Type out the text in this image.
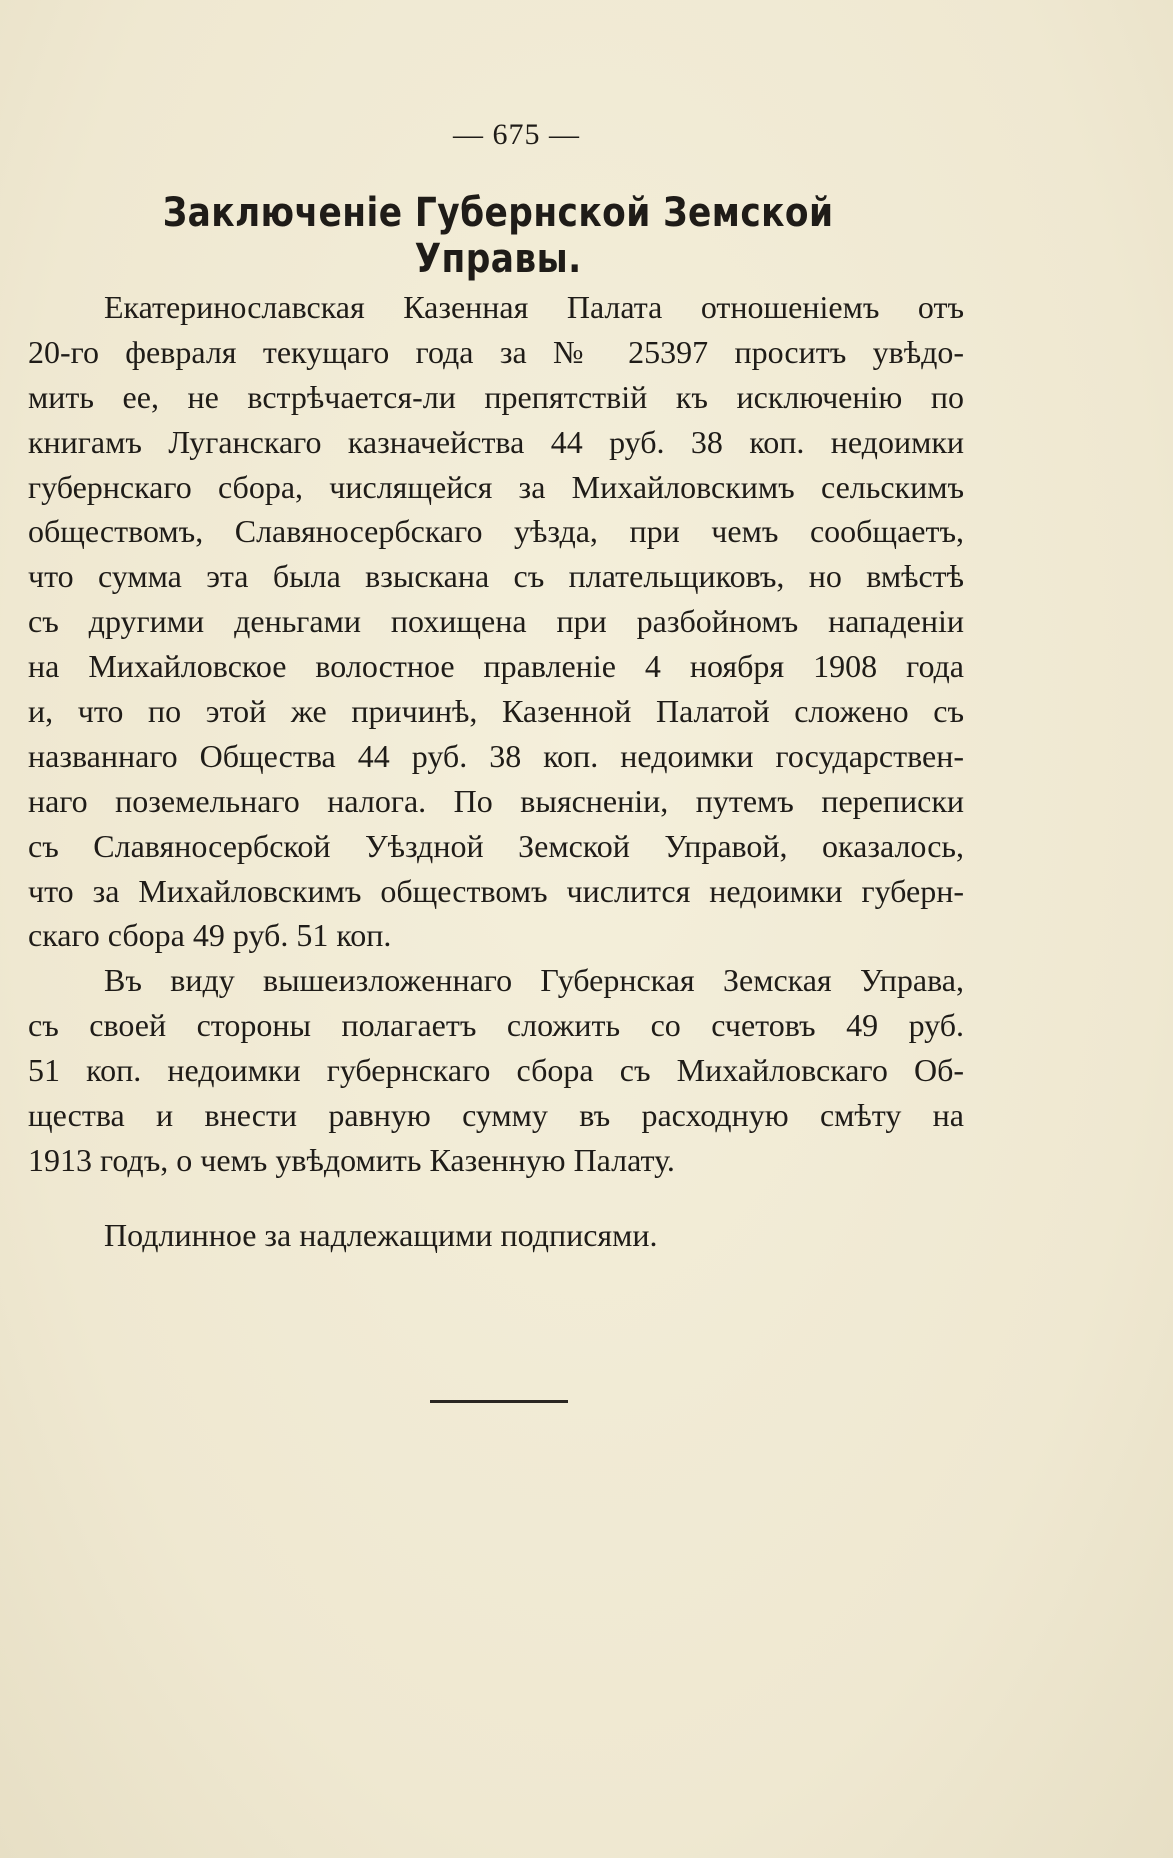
— 675 —
Заключеніе Губернской Земской Управы.
Екатеринославская Казенная Палата отношеніемъ отъ
20-го февраля текущаго года за № 25397 проситъ увѣдо-
мить ее, не встрѣчается-ли препятствій къ исключенію по
книгамъ Луганскаго казначейства 44 руб. 38 коп. недоимки
губернскаго сбора, числящейся за Михайловскимъ сельскимъ
обществомъ, Славяносербскаго уѣзда, при чемъ сообщаетъ,
что сумма эта была взыскана съ плательщиковъ, но вмѣстѣ
съ другими деньгами похищена при разбойномъ нападеніи
на Михайловское волостное правленіе 4 ноября 1908 года
и, что по этой же причинѣ, Казенной Палатой сложено съ
названнаго Общества 44 руб. 38 коп. недоимки государствен-
наго поземельнаго налога. По выясненіи, путемъ переписки
съ Славяносербской Уѣздной Земской Управой, оказалось,
что за Михайловскимъ обществомъ числится недоимки губерн-
скаго сбора 49 руб. 51 коп.
Въ виду вышеизложеннаго Губернская Земская Управа,
съ своей стороны полагаетъ сложить со счетовъ 49 руб.
51 коп. недоимки губернскаго сбора съ Михайловскаго Об-
щества и внести равную сумму въ расходную смѣту на
1913 годъ, о чемъ увѣдомить Казенную Палату.
Подлинное за надлежащими подписями.
